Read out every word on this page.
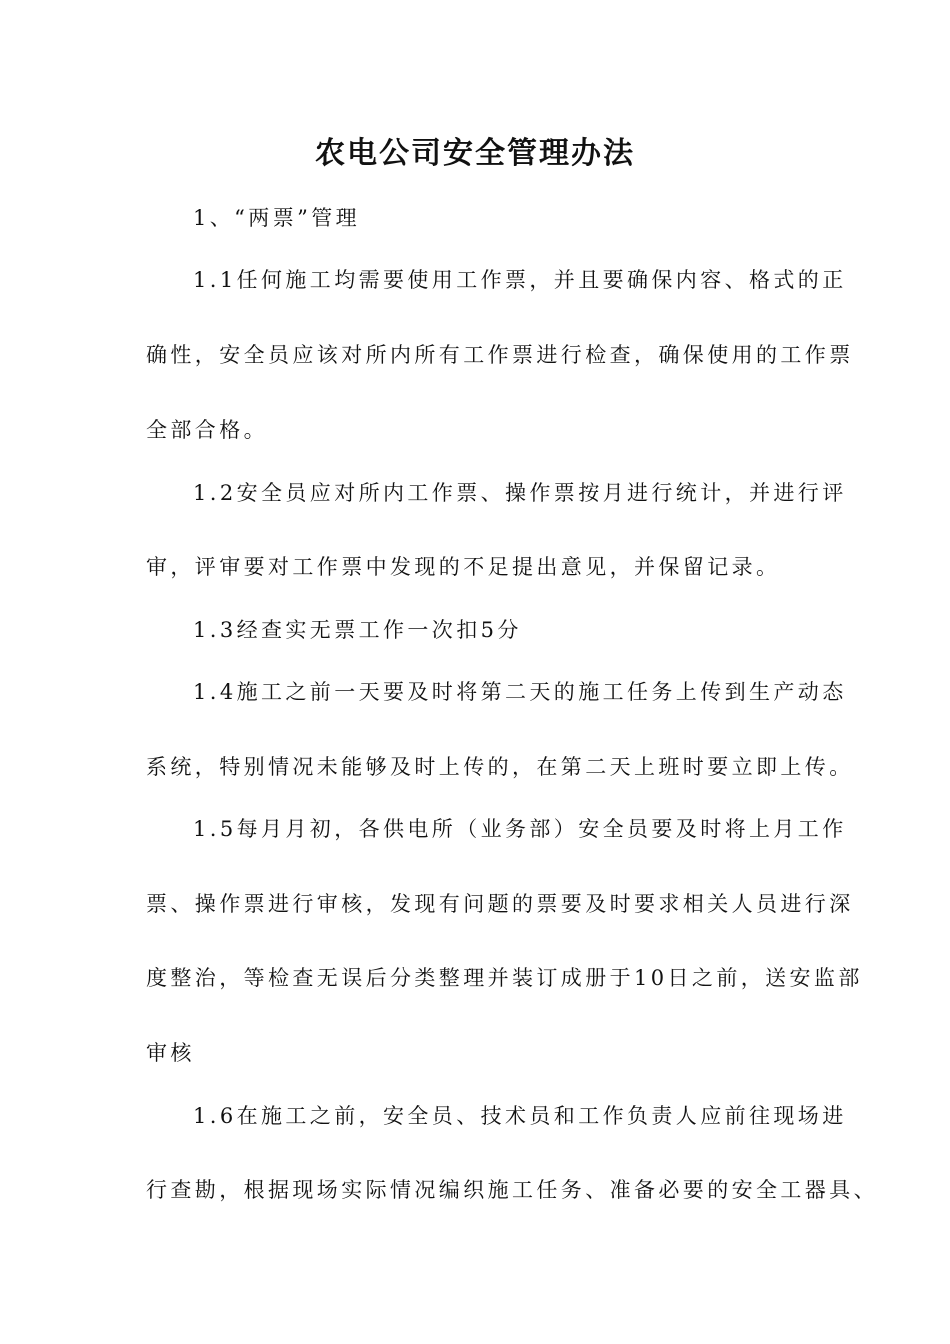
农电公司安全管理办法
1、“两票”管理
1.1任何施工均需要使用工作票，并且要确保内容、格式的正
确性，安全员应该对所内所有工作票进行检查，确保使用的工作票
全部合格。
1.2安全员应对所内工作票、操作票按月进行统计，并进行评
审，评审要对工作票中发现的不足提出意见，并保留记录。
1.3经查实无票工作一次扣5分
1.4施工之前一天要及时将第二天的施工任务上传到生产动态
系统，特别情况未能够及时上传的，在第二天上班时要立即上传。
1.5每月月初，各供电所（业务部）安全员要及时将上月工作
票、操作票进行审核，发现有问题的票要及时要求相关人员进行深
度整治，等检查无误后分类整理并装订成册于10日之前，送安监部
审核
1.6在施工之前，安全员、技术员和工作负责人应前往现场进
行查勘，根据现场实际情况编织施工任务、准备必要的安全工器具、
